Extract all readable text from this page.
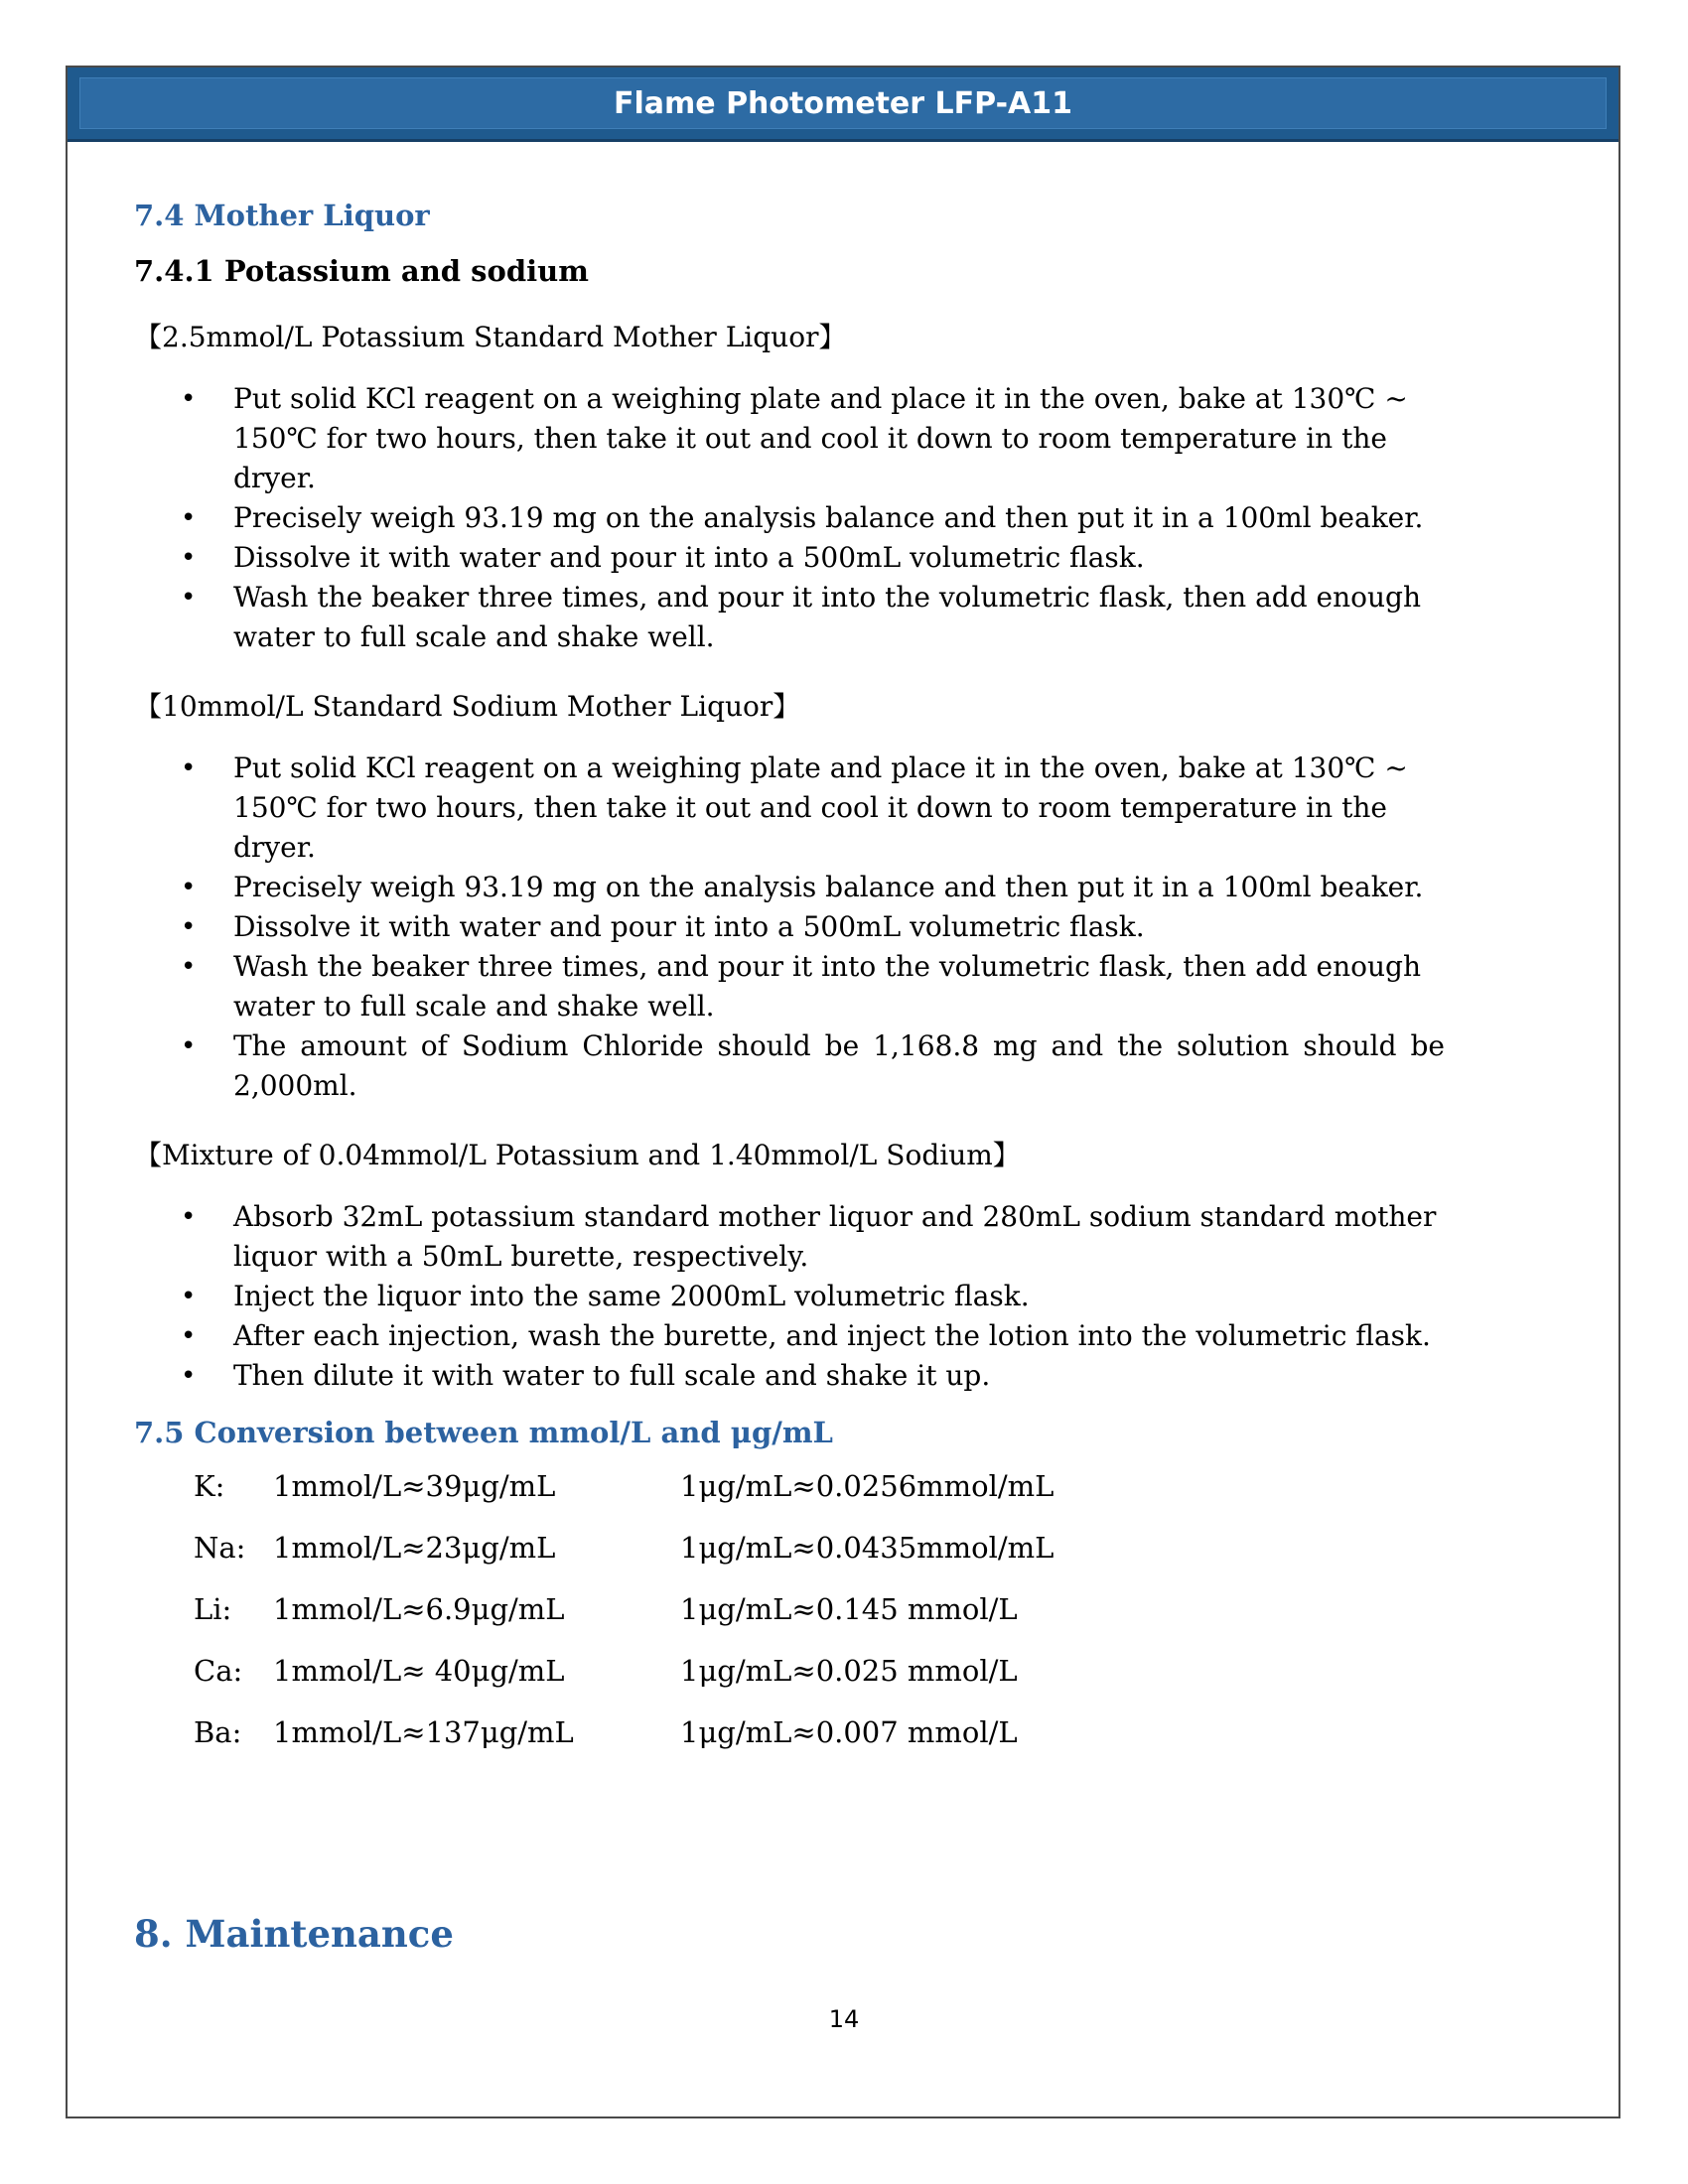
Flame Photometer LFP-A11
7.4 Mother Liquor
7.4.1 Potassium and sodium

【2.5mmol/L Potassium Standard Mother Liquor】

• Put solid KCl reagent on a weighing plate and place it in the oven, bake at 130℃ ~ 150℃ for two hours, then take it out and cool it down to room temperature in the dryer.
• Precisely weigh 93.19 mg on the analysis balance and then put it in a 100ml beaker.
• Dissolve it with water and pour it into a 500mL volumetric flask.
• Wash the beaker three times, and pour it into the volumetric flask, then add enough water to full scale and shake well.

【10mmol/L Standard Sodium Mother Liquor】

• Put solid KCl reagent on a weighing plate and place it in the oven, bake at 130℃ ~ 150℃ for two hours, then take it out and cool it down to room temperature in the dryer.
• Precisely weigh 93.19 mg on the analysis balance and then put it in a 100ml beaker.
• Dissolve it with water and pour it into a 500mL volumetric flask.
• Wash the beaker three times, and pour it into the volumetric flask, then add enough water to full scale and shake well.
• The amount of Sodium Chloride should be 1,168.8 mg and the solution should be 2,000ml.

【Mixture of 0.04mmol/L Potassium and 1.40mmol/L Sodium】

• Absorb 32mL potassium standard mother liquor and 280mL sodium standard mother liquor with a 50mL burette, respectively.
• Inject the liquor into the same 2000mL volumetric flask.
• After each injection, wash the burette, and inject the lotion into the volumetric flask.
• Then dilute it with water to full scale and shake it up.
7.5 Conversion between mmol/L and μg/mL
K:	1mmol/L≈39μg/mL	1μg/mL≈0.0256mmol/mL
Na: 1mmol/L≈23μg/mL	1μg/mL≈0.0435mmol/mL
Li:	1mmol/L≈6.9μg/mL	1μg/mL≈0.145 mmol/L
Ca:	1mmol/L≈ 40μg/mL	1μg/mL≈0.025 mmol/L
Ba:	1mmol/L≈137μg/mL	1μg/mL≈0.007 mmol/L
8. Maintenance
14
